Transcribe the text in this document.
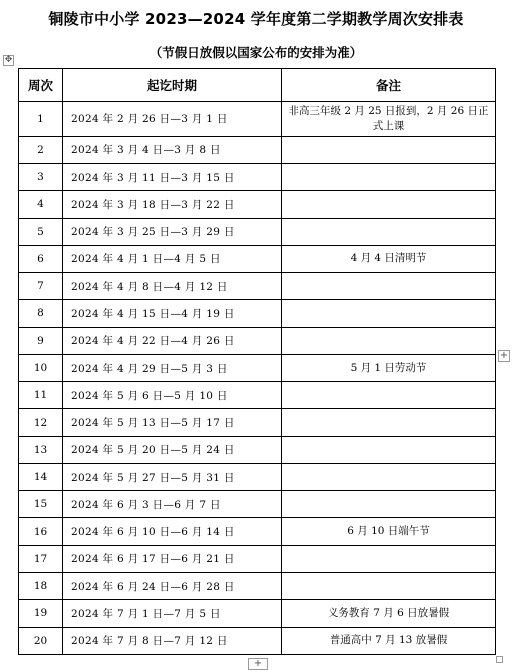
铜陵市中小学 2023—2024 学年度第二学期教学周次安排表
✥	（节假日放假以国家公布的安排为准）
周次	起讫时期	备注
1	2024 年 2 月 26 日—3 月 1 日	非高三年级 2 月 25 日报到，2 月 26 日正式上课
2	2024 年 3 月 4 日—3 月 8 日	
3	2024 年 3 月 11 日—3 月 15 日	
4	2024 年 3 月 18 日—3 月 22 日	
5	2024 年 3 月 25 日—3 月 29 日	
6	2024 年 4 月 1 日—4 月 5 日	4 月 4 日清明节
7	2024 年 4 月 8 日—4 月 12 日	
8	2024 年 4 月 15 日—4 月 19 日	
9	2024 年 4 月 22 日—4 月 26 日	
10	2024 年 4 月 29 日—5 月 3 日	5 月 1 日劳动节
11	2024 年 5 月 6 日—5 月 10 日	
12	2024 年 5 月 13 日—5 月 17 日	
13	2024 年 5 月 20 日—5 月 24 日	
14	2024 年 5 月 27 日—5 月 31 日	
15	2024 年 6 月 3 日—6 月 7 日	
16	2024 年 6 月 10 日—6 月 14 日	6 月 10 日端午节
17	2024 年 6 月 17 日—6 月 21 日	
18	2024 年 6 月 24 日—6 月 28 日	
19	2024 年 7 月 1 日—7 月 5 日	义务教育 7 月 6 日放暑假
20	2024 年 7 月 8 日—7 月 12 日	普通高中 7 月 13 放暑假
+
+
